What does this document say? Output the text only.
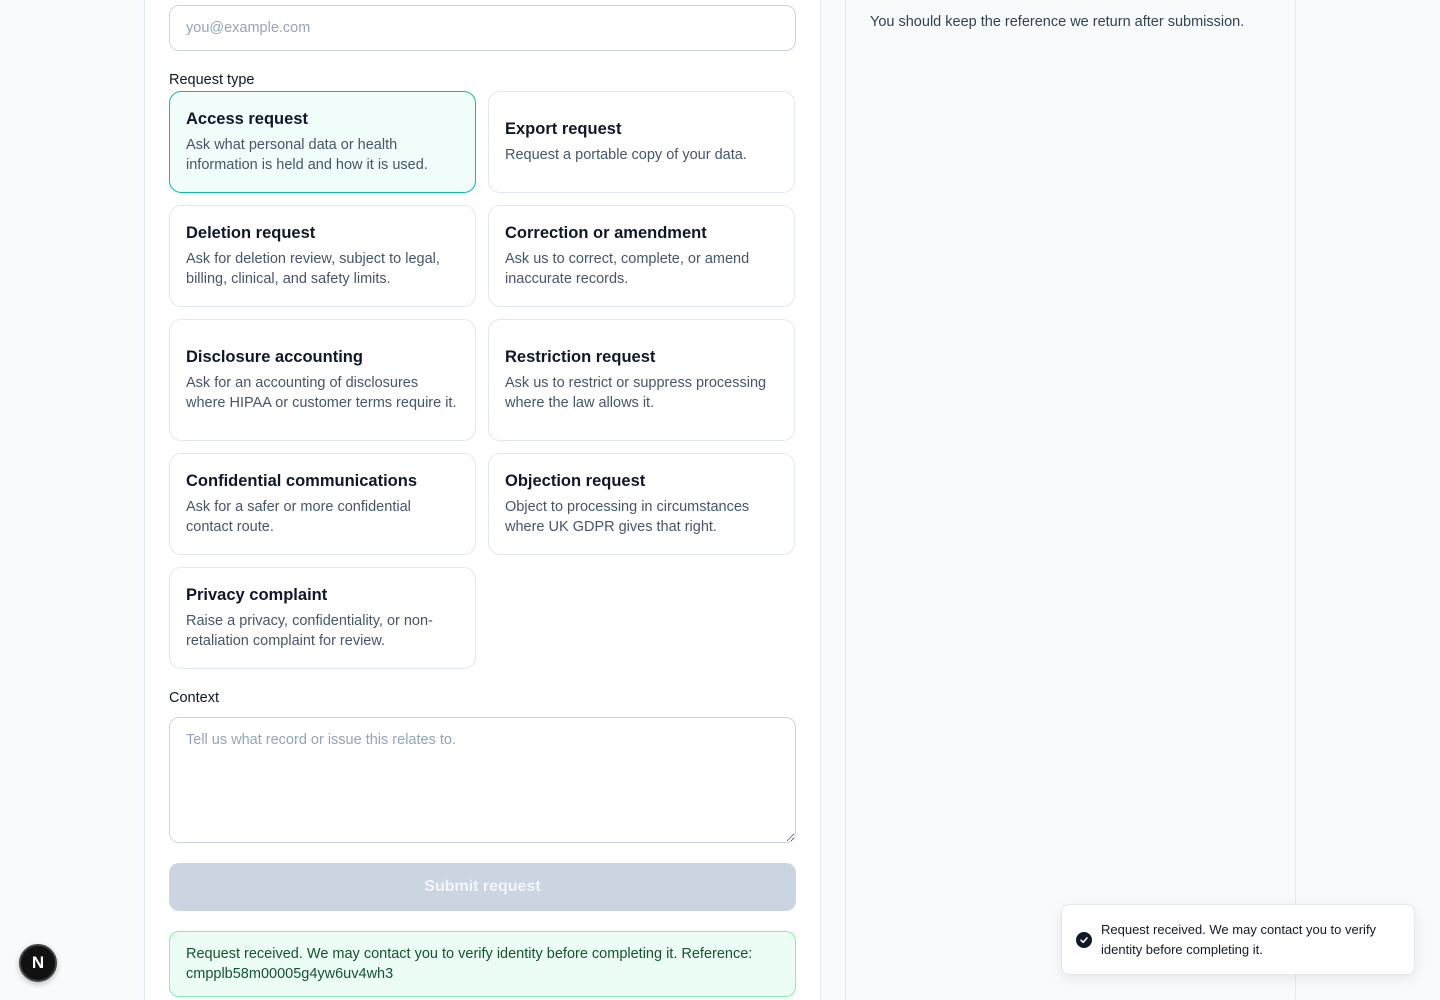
You should keep the reference we return after submission.

you@example.com
Request type
Access request
Ask what personal data or health information is held and how it is used.
Export request
Request a portable copy of your data.
Deletion request
Ask for deletion review, subject to legal, billing, clinical, and safety limits.
Correction or amendment
Ask us to correct, complete, or amend inaccurate records.
Disclosure accounting
Ask for an accounting of disclosures where HIPAA or customer terms require it.
Restriction request
Ask us to restrict or suppress processing where the law allows it.
Confidential communications
Ask for a safer or more confidential contact route.
Objection request
Object to processing in circumstances where UK GDPR gives that right.
Privacy complaint
Raise a privacy, confidentiality, or non-retaliation complaint for review.
Context
Tell us what record or issue this relates to.
Submit request
Request received. We may contact you to verify identity before completing it. Reference: cmpplb58m00005g4yw6uv4wh3
Request received. We may contact you to verify identity before completing it.
N
